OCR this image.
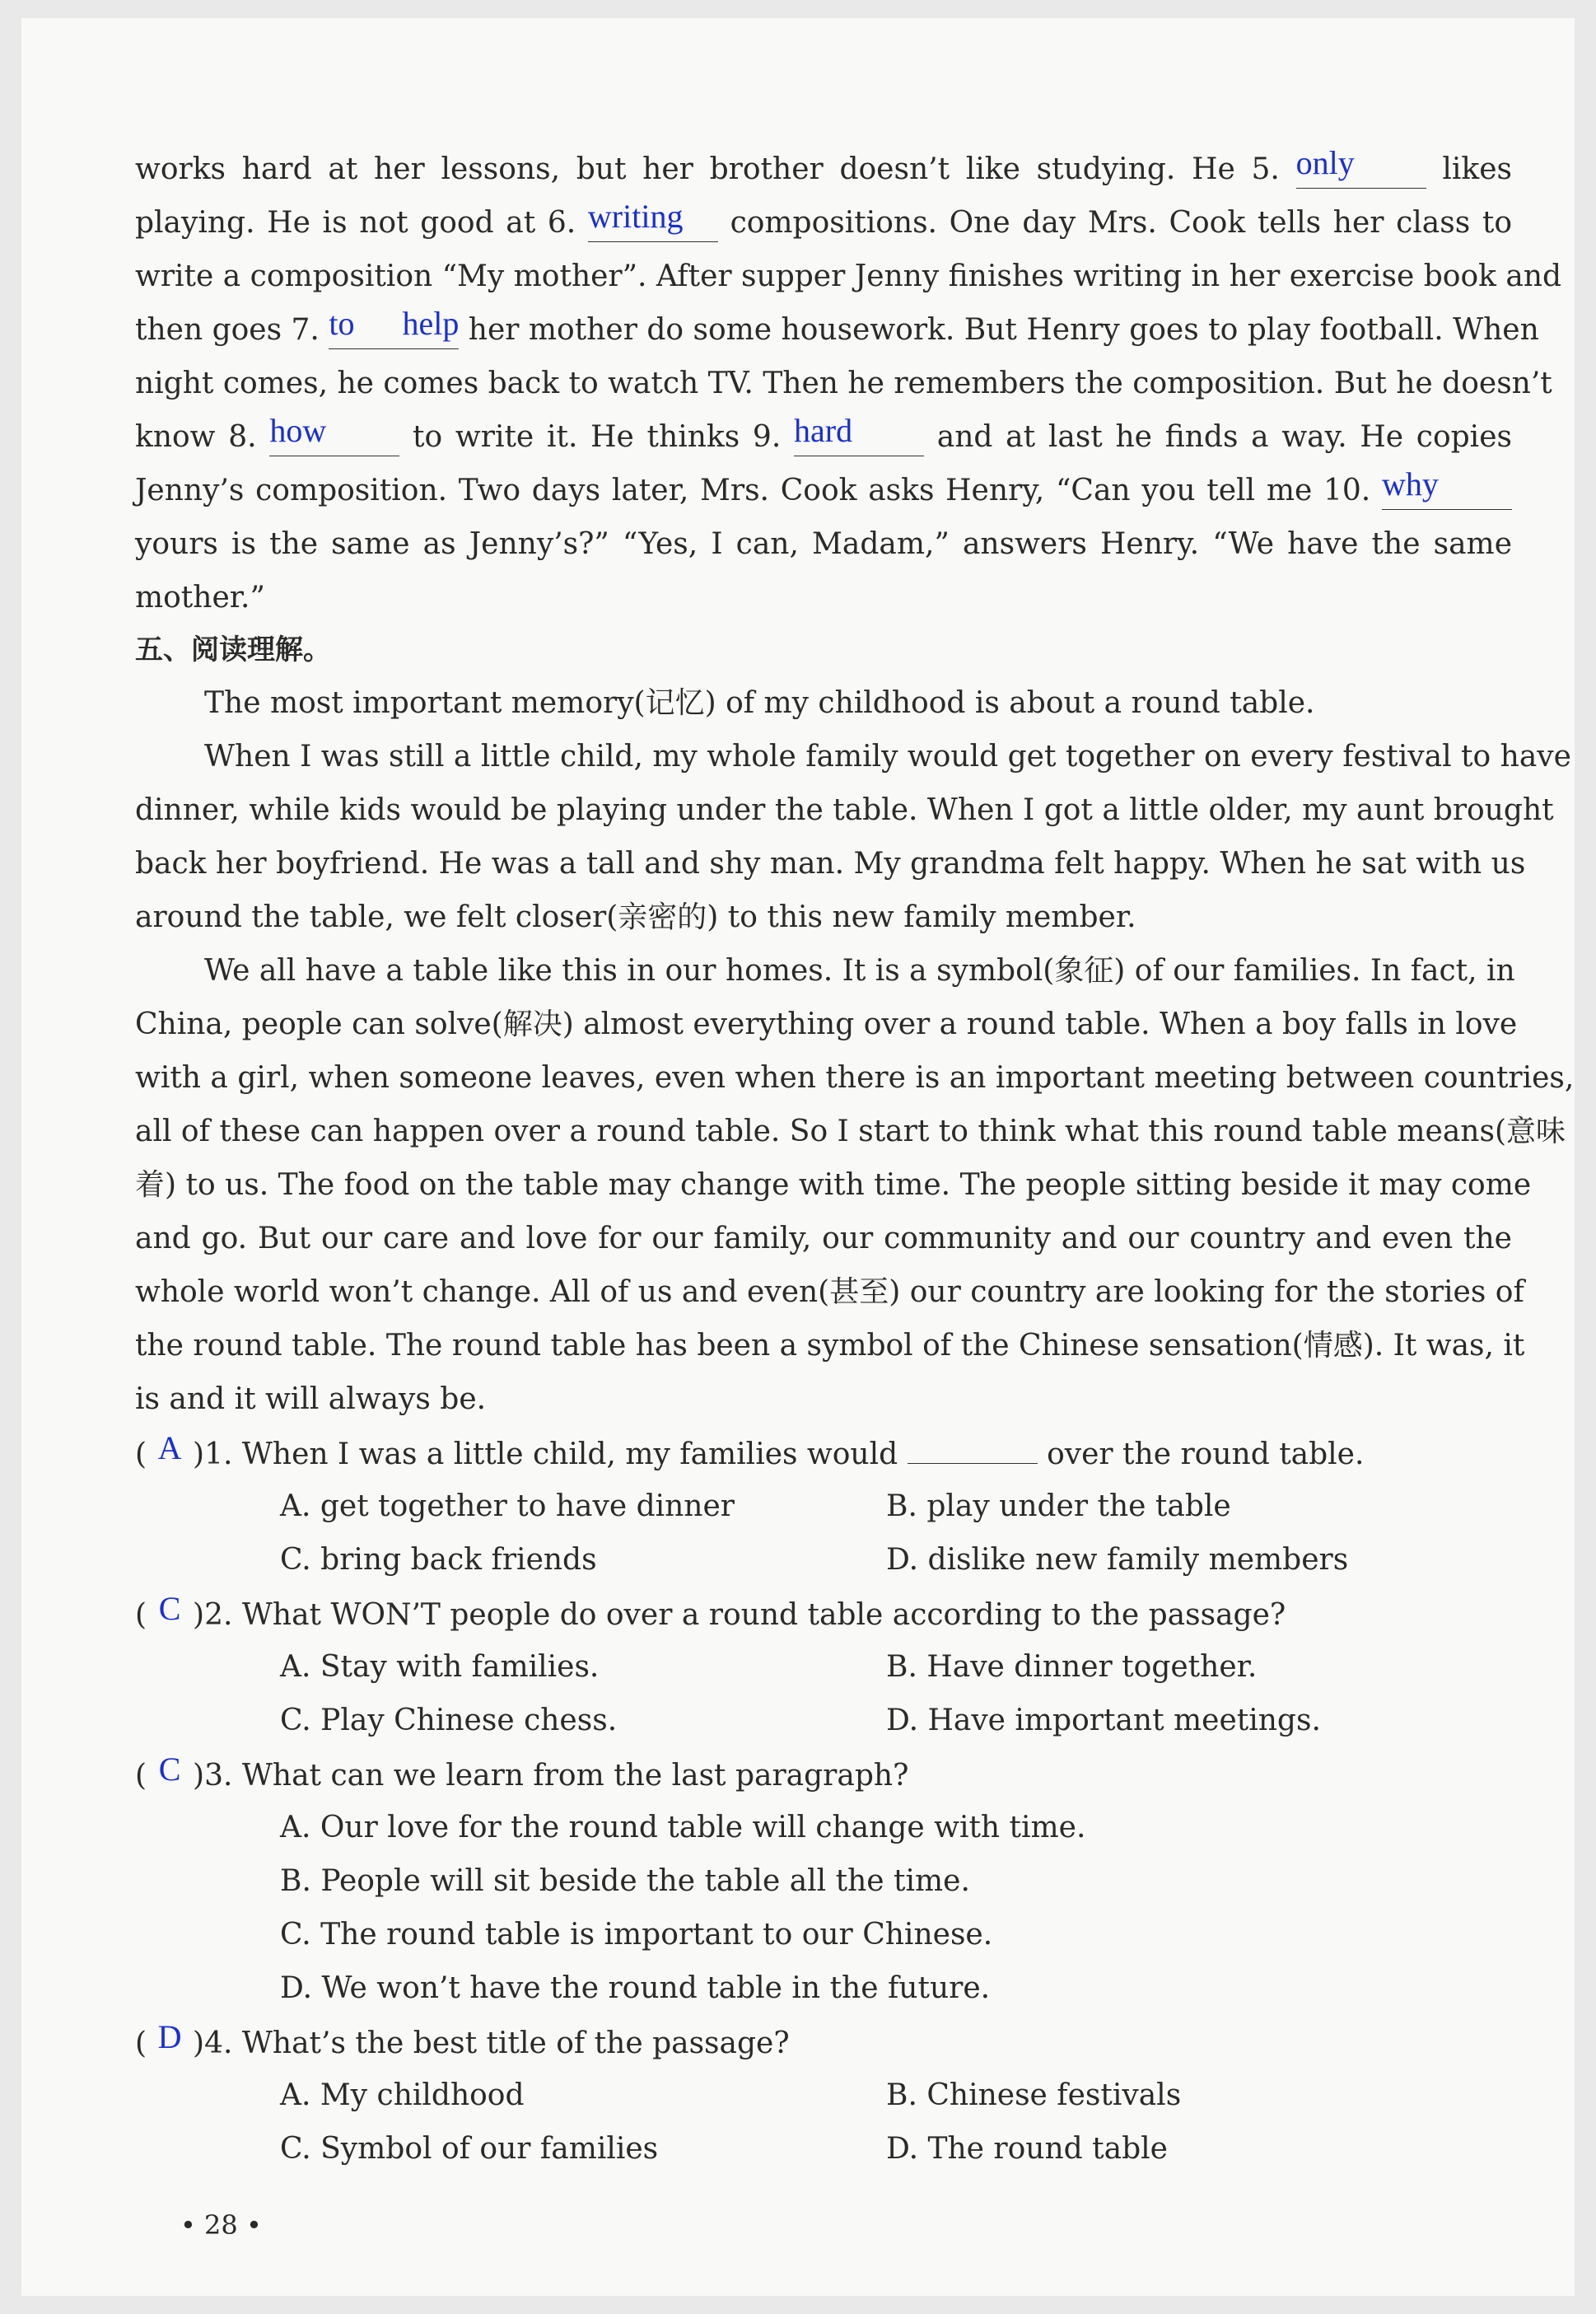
works hard at her lessons, but her brother doesn’t like studying. He 5. only	likes
playing. He is not good at 6. writing compositions. One day Mrs. Cook tells her class to
write a composition “My mother”. After supper Jenny finishes writing in her exercise book and
then goes 7. to help her mother do some housework. But Henry goes to play football. When
night comes, he comes back to watch TV. Then he remembers the composition. But he doesn’t
know 8. how	to write it. He thinks 9. hard	and at last he finds a way. He copies
Jenny’s composition. Two days later, Mrs. Cook asks Henry, “Can you tell me 10. why
yours is the same as Jenny’s?” “Yes, I can, Madam,” answers Henry. “We have the same
mother.”
五、阅读理解。
The most important memory(记忆) of my childhood is about a round table.
When I was still a little child, my whole family would get together on every festival to have
dinner, while kids would be playing under the table. When I got a little older, my aunt brought
back her boyfriend. He was a tall and shy man. My grandma felt happy. When he sat with us
around the table, we felt closer(亲密的) to this new family member.
We all have a table like this in our homes. It is a symbol(象征) of our families. In fact, in
China, people can solve(解决) almost everything over a round table. When a boy falls in love
with a girl, when someone leaves, even when there is an important meeting between countries,
all of these can happen over a round table. So I start to think what this round table means(意味
着) to us. The food on the table may change with time. The people sitting beside it may come
and go. But our care and love for our family, our community and our country and even the
whole world won’t change. All of us and even(甚至) our country are looking for the stories of
the round table. The round table has been a symbol of the Chinese sensation(情感). It was, it
is and it will always be.
( A )1. When I was a little child, my families would	over the round table.
A. get together to have dinner	B. play under the table
C. bring back friends	D. dislike new family members
( C )2. What WON’T people do over a round table according to the passage?
A. Stay with families.	B. Have dinner together.
C. Play Chinese chess.	D. Have important meetings.
( C )3. What can we learn from the last paragraph?
A. Our love for the round table will change with time.
B. People will sit beside the table all the time.
C. The round table is important to our Chinese.
D. We won’t have the round table in the future.
( D )4. What’s the best title of the passage?
A. My childhood	B. Chinese festivals
C. Symbol of our families	D. The round table
• 28 •
